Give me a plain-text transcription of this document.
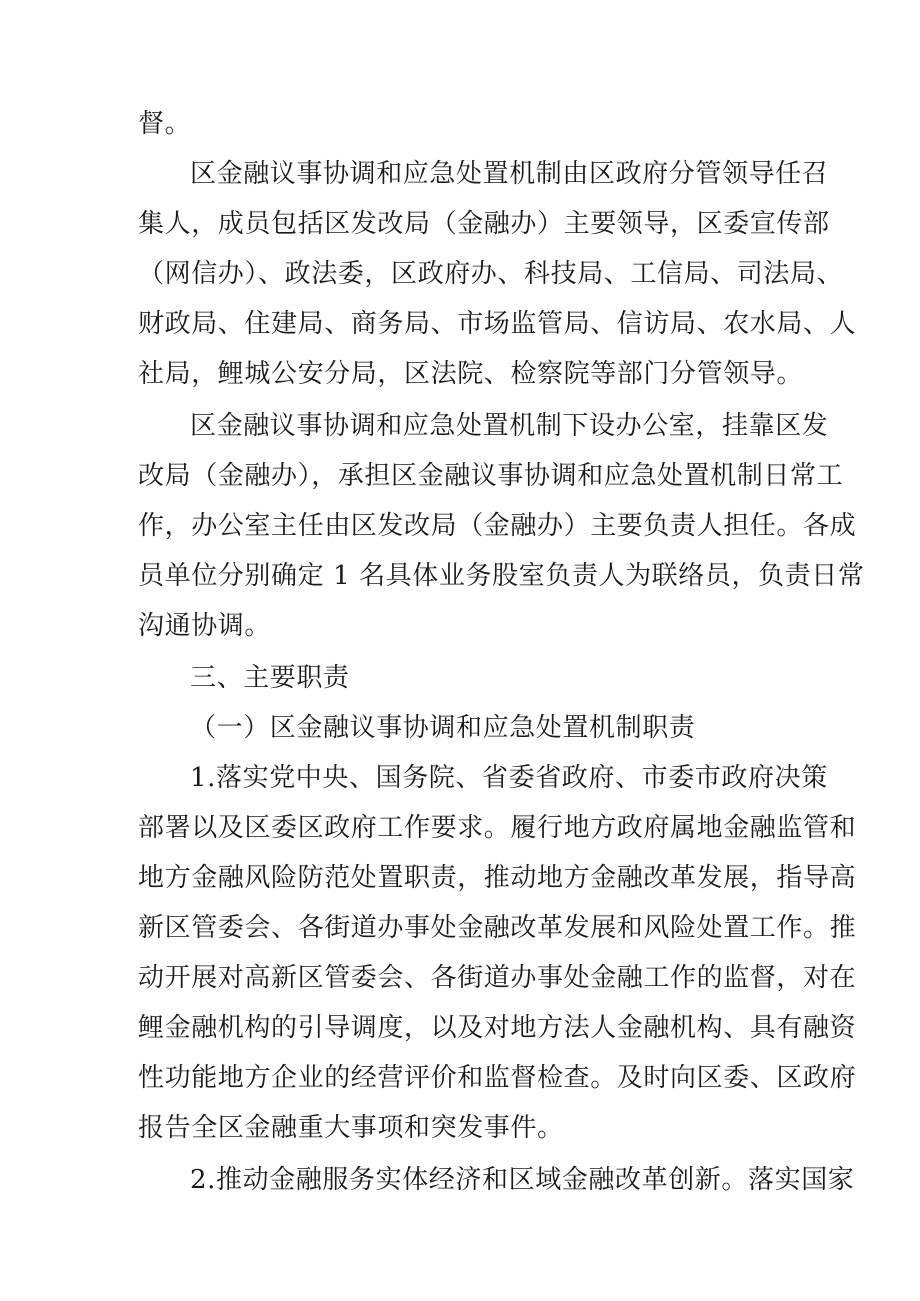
督。
区金融议事协调和应急处置机制由区政府分管领导任召
集人，成员包括区发改局（金融办）主要领导，区委宣传部
（网信办）、政法委，区政府办、科技局、工信局、司法局、
财政局、住建局、商务局、市场监管局、信访局、农水局、人
社局，鲤城公安分局，区法院、检察院等部门分管领导。
区金融议事协调和应急处置机制下设办公室，挂靠区发
改局（金融办），承担区金融议事协调和应急处置机制日常工
作，办公室主任由区发改局（金融办）主要负责人担任。各成
员单位分别确定 1 名具体业务股室负责人为联络员，负责日常
沟通协调。
三、主要职责
（一）区金融议事协调和应急处置机制职责
1.落实党中央、国务院、省委省政府、市委市政府决策
部署以及区委区政府工作要求。履行地方政府属地金融监管和
地方金融风险防范处置职责，推动地方金融改革发展，指导高
新区管委会、各街道办事处金融改革发展和风险处置工作。推
动开展对高新区管委会、各街道办事处金融工作的监督，对在
鲤金融机构的引导调度，以及对地方法人金融机构、具有融资
性功能地方企业的经营评价和监督检查。及时向区委、区政府
报告全区金融重大事项和突发事件。
2.推动金融服务实体经济和区域金融改革创新。落实国家
